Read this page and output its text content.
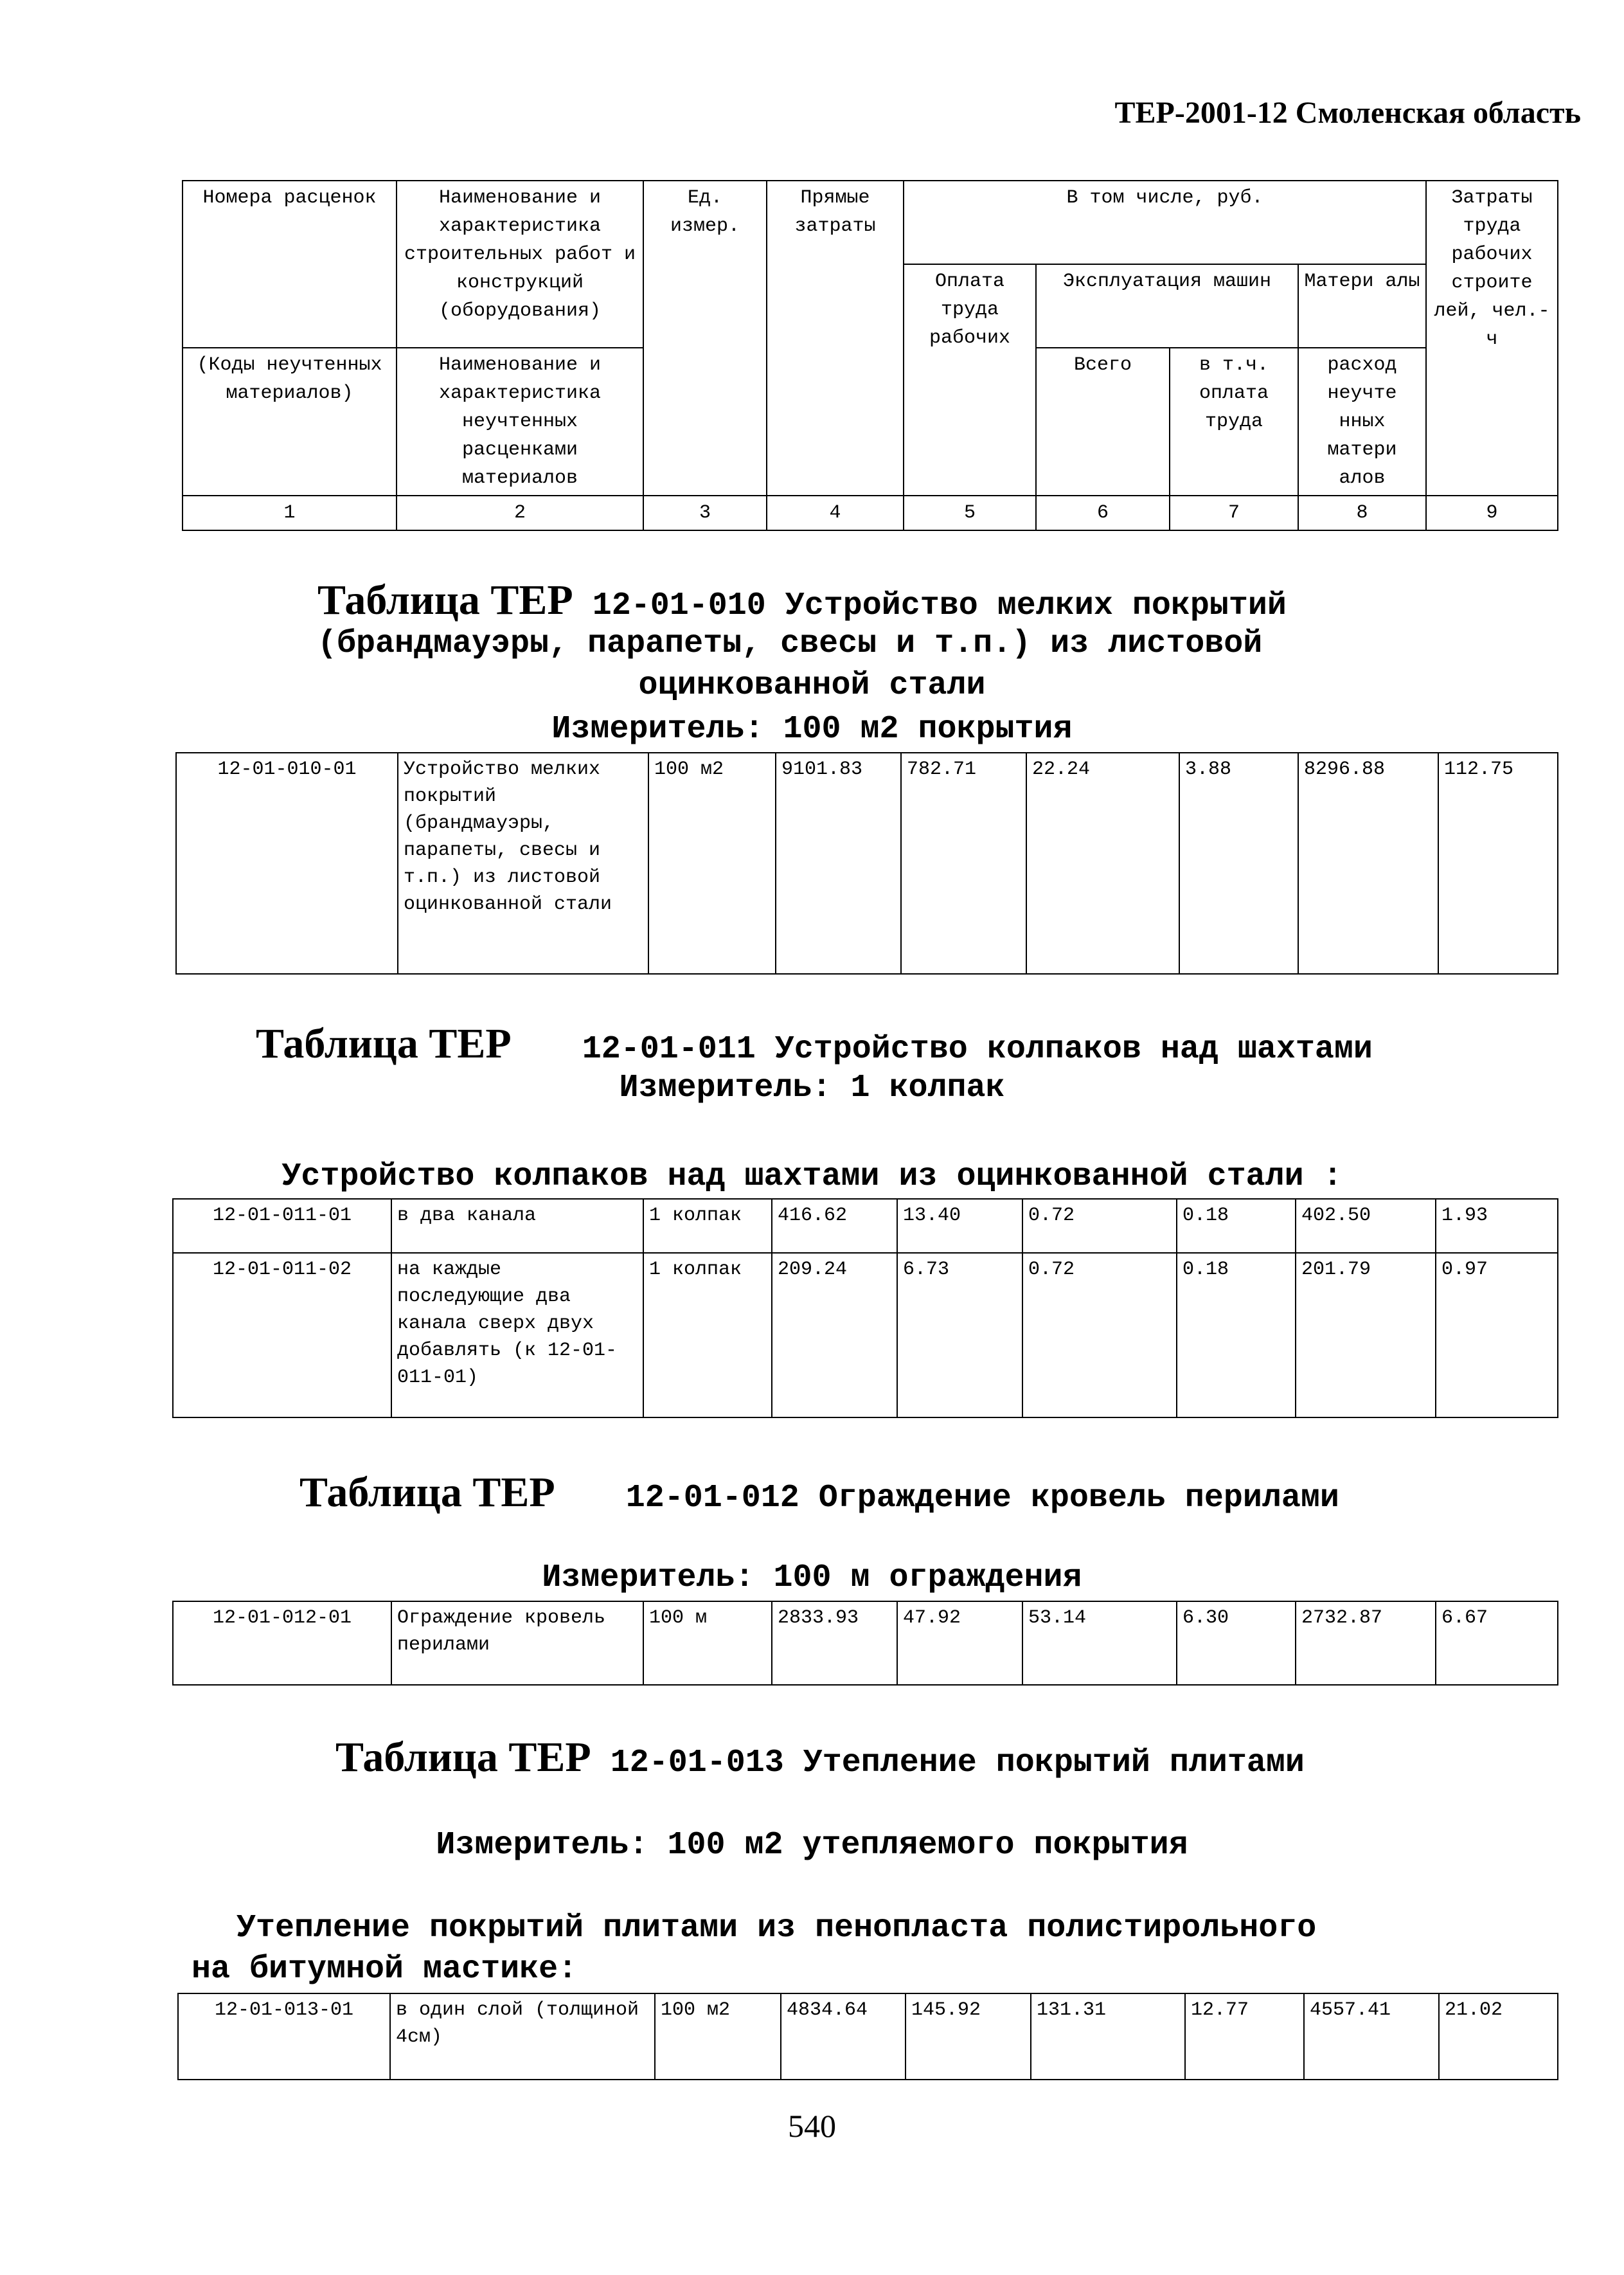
ТЕР-2001-12 Смоленская область
Номера расценок	Наименование и характеристика строительных работ и конструкций (оборудования)	Ед. измер.	Прямые затраты	В том числе, руб.				Затраты труда рабочих строите лей, чел.-ч
				Оплата труда рабочих	Эксплуатация машин		Матери алы	
(Коды неучтенных материалов)	Наименование и характеристика неучтенных расценками материалов				Всего	в т.ч. оплата труда	расход неучте нных матери алов	
1	2	3	4	5	6	7	8	9
Таблица ТЕР 12-01-010 Устройство мелких покрытий
(брандмауэры, парапеты, свесы и т.п.) из листовой
оцинкованной стали
Измеритель: 100 м2 покрытия
12-01-010-01	Устройство мелких покрытий (брандмауэры, парапеты, свесы и т.п.) из листовой оцинкованной стали	100 м2	9101.83	782.71	22.24	3.88	8296.88	112.75
Таблица ТЕР 12-01-011 Устройство колпаков над шахтами
Измеритель: 1 колпак
Устройство колпаков над шахтами из оцинкованной стали :
12-01-011-01	в два канала	1 колпак	416.62	13.40	0.72	0.18	402.50	1.93
12-01-011-02	на каждые последующие два канала сверх двух добавлять (к 12-01-011-01)	1 колпак	209.24	6.73	0.72	0.18	201.79	0.97
Таблица ТЕР 12-01-012 Ограждение кровель перилами
Измеритель: 100 м ограждения
12-01-012-01	Ограждение кровель перилами	100 м	2833.93	47.92	53.14	6.30	2732.87	6.67
Таблица ТЕР 12-01-013 Утепление покрытий плитами
Измеритель: 100 м2 утепляемого покрытия
Утепление покрытий плитами из пенопласта полистирольного
на битумной мастике:
12-01-013-01	в один слой (толщиной 4см)	100 м2	4834.64	145.92	131.31	12.77	4557.41	21.02
540
